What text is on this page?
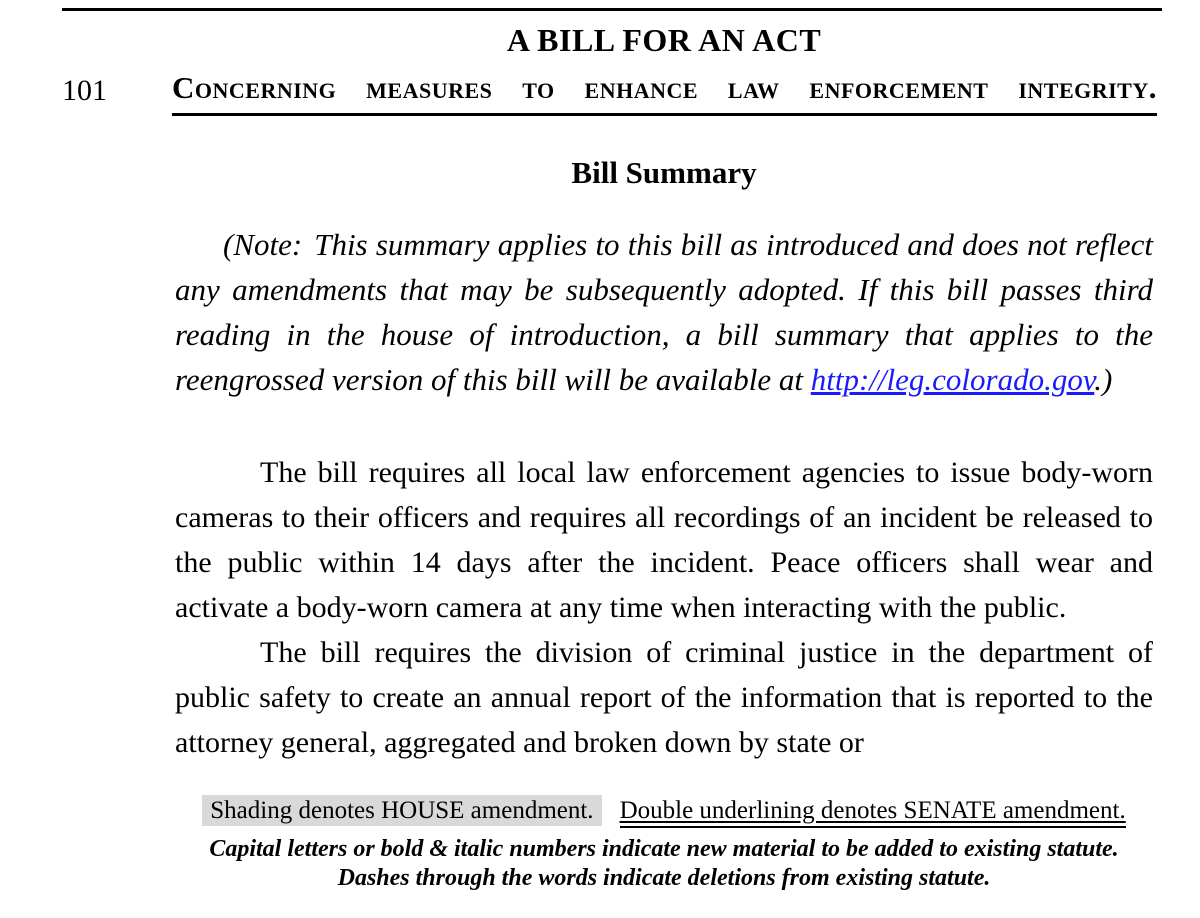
A BILL FOR AN ACT
101 Concerning measures to enhance law enforcement integrity.
Bill Summary

(Note: This summary applies to this bill as introduced and does not reflect any amendments that may be subsequently adopted. If this bill passes third reading in the house of introduction, a bill summary that applies to the reengrossed version of this bill will be available at http://leg.colorado.gov.)

The bill requires all local law enforcement agencies to issue body-worn cameras to their officers and requires all recordings of an incident be released to the public within 14 days after the incident. Peace officers shall wear and activate a body-worn camera at any time when interacting with the public.

The bill requires the division of criminal justice in the department of public safety to create an annual report of the information that is reported to the attorney general, aggregated and broken down by state or

Shading denotes HOUSE amendment. Double underlining denotes SENATE amendment.
Capital letters or bold & italic numbers indicate new material to be added to existing statute.
Dashes through the words indicate deletions from existing statute.
